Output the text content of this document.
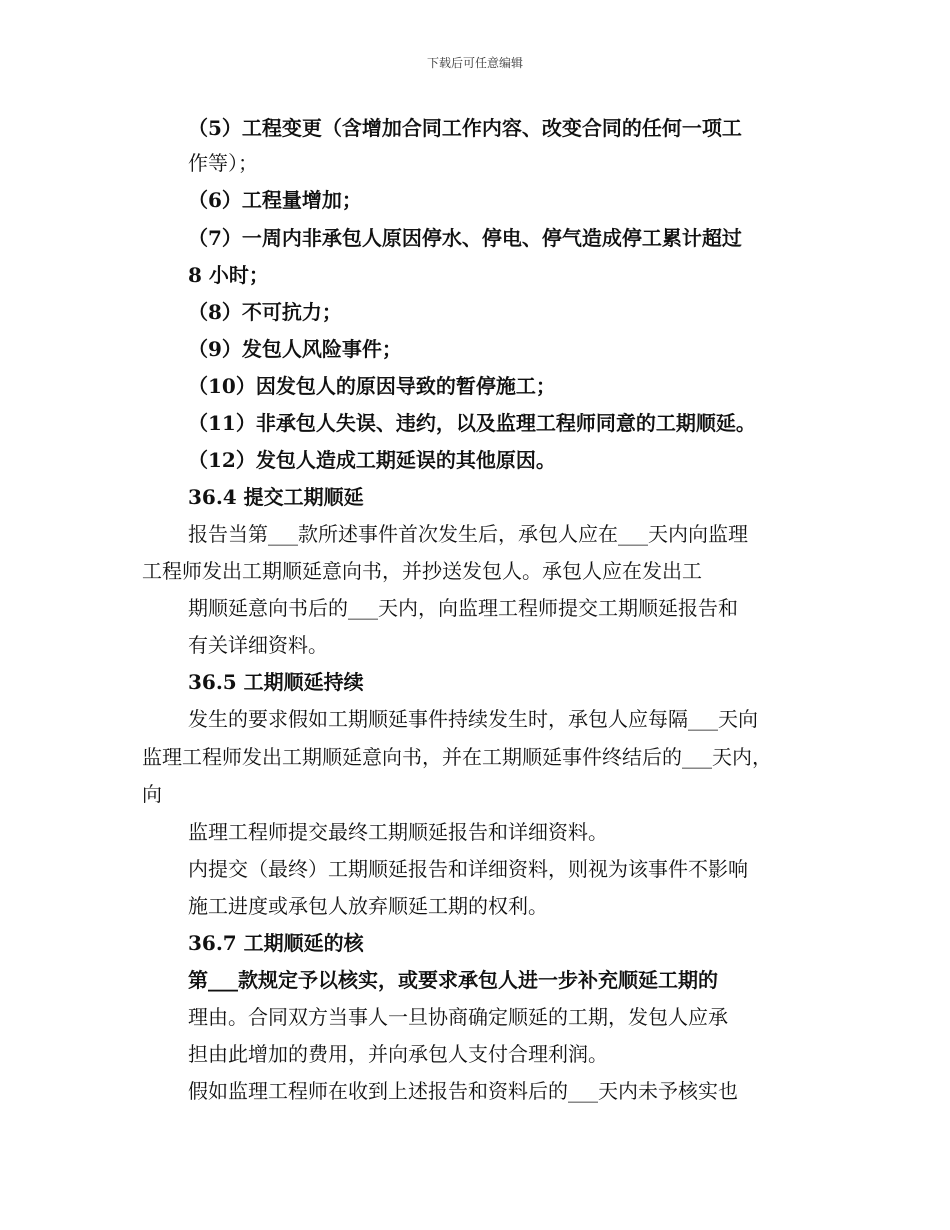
下载后可任意编辑
（5）工程变更（含增加合同工作内容、改变合同的任何一项工
作等）；
（6）工程量增加；
（7）一周内非承包人原因停水、停电、停气造成停工累计超过
8 小时；
（8）不可抗力；
（9）发包人风险事件；
（10）因发包人的原因导致的暂停施工；
（11）非承包人失误、违约，以及监理工程师同意的工期顺延。
（12）发包人造成工期延误的其他原因。
36.4 提交工期顺延
报告当第___款所述事件首次发生后，承包人应在___天内向监理
工程师发出工期顺延意向书，并抄送发包人。承包人应在发出工
期顺延意向书后的___天内，向监理工程师提交工期顺延报告和
有关详细资料。
36.5 工期顺延持续
发生的要求假如工期顺延事件持续发生时，承包人应每隔___天向
监理工程师发出工期顺延意向书，并在工期顺延事件终结后的___天内，
向
监理工程师提交最终工期顺延报告和详细资料。
内提交（最终）工期顺延报告和详细资料，则视为该事件不影响
施工进度或承包人放弃顺延工期的权利。
36.7 工期顺延的核
第___款规定予以核实，或要求承包人进一步补充顺延工期的
理由。合同双方当事人一旦协商确定顺延的工期，发包人应承
担由此增加的费用，并向承包人支付合理利润。
假如监理工程师在收到上述报告和资料后的___天内未予核实也
